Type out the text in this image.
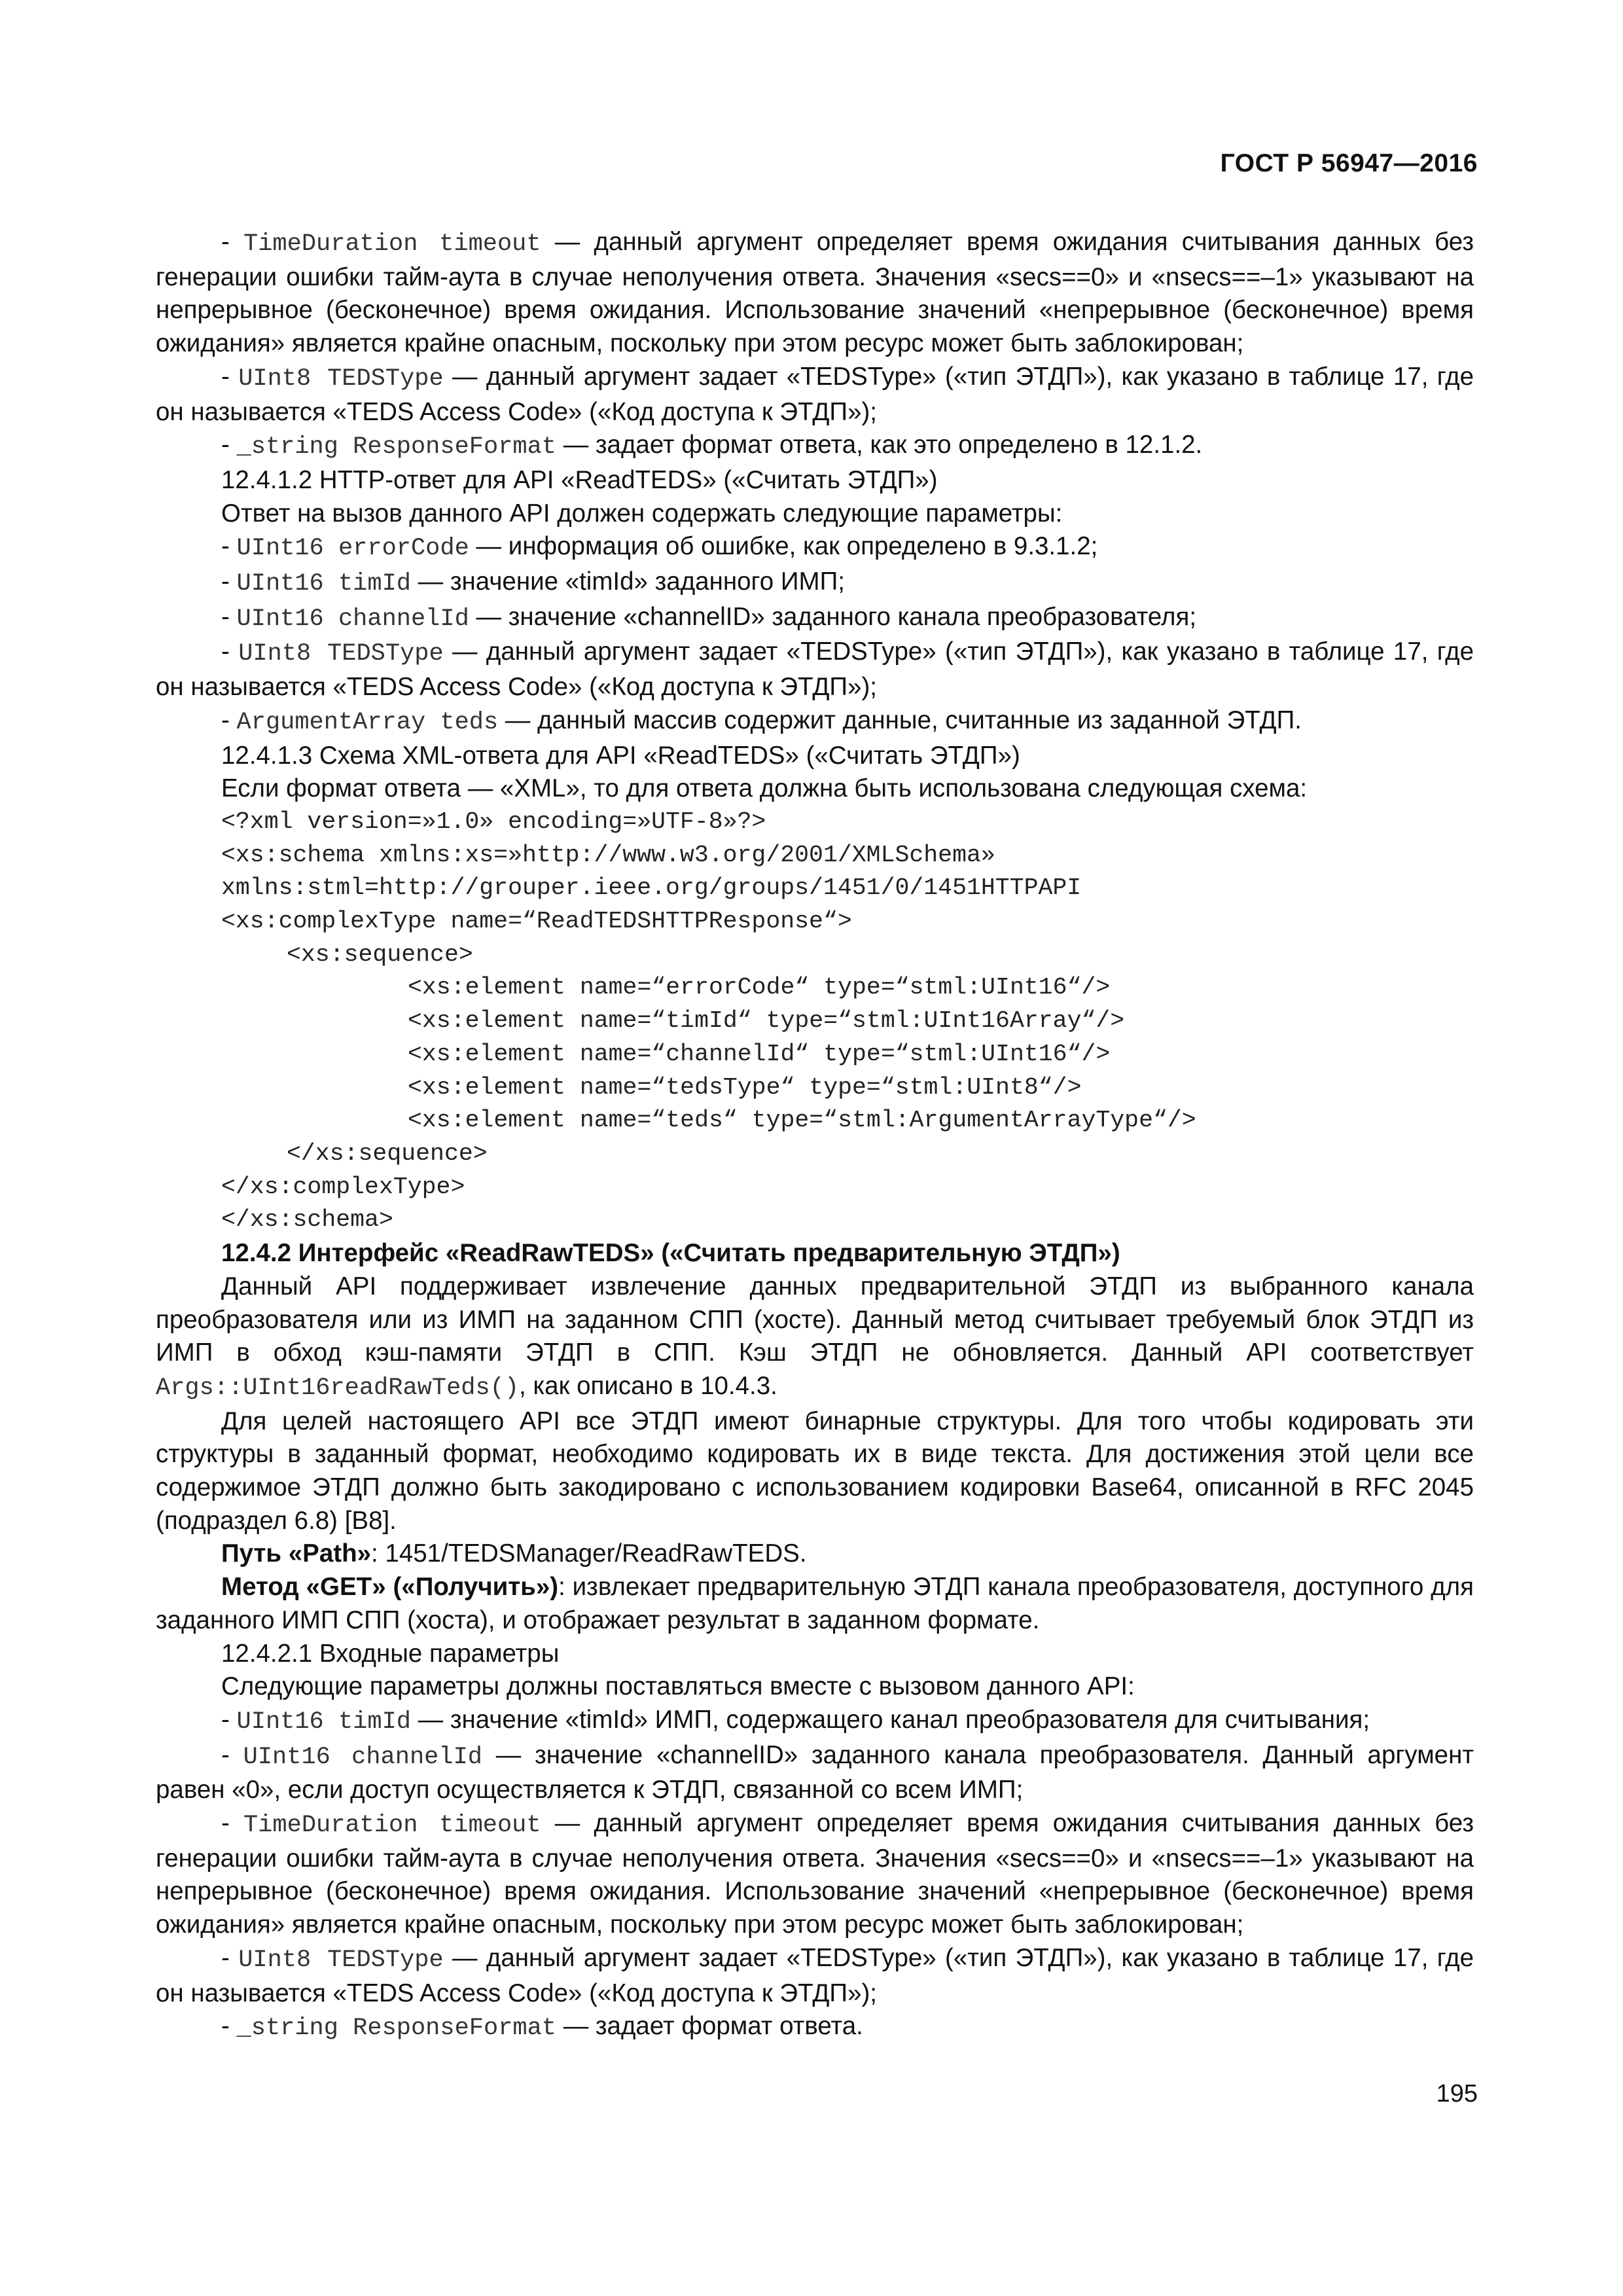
ГОСТ Р 56947—2016

- TimeDuration timeout — данный аргумент определяет время ожидания считывания данных без генерации ошибки тайм-аута в случае неполучения ответа. Значения «secs==0» и «nsecs==–1» указывают на непрерывное (бесконечное) время ожидания. Использование значений «непрерывное (бесконечное) время ожидания» является крайне опасным, поскольку при этом ресурс может быть заблокирован;

- UInt8 TEDSType — данный аргумент задает «TEDSType» («тип ЭТДП»), как указано в таблице 17, где он называется «TEDS Access Code» («Код доступа к ЭТДП»);

- _string ResponseFormat — задает формат ответа, как это определено в 12.1.2.

12.4.1.2 HTTP-ответ для API «ReadTEDS» («Считать ЭТДП»)

Ответ на вызов данного API должен содержать следующие параметры:

- UInt16 errorCode — информация об ошибке, как определено в 9.3.1.2;

- UInt16 timId — значение «timId» заданного ИМП;

- UInt16 channelId — значение «channelID» заданного канала преобразователя;

- UInt8 TEDSType — данный аргумент задает «TEDSType» («тип ЭТДП»), как указано в таблице 17, где он называется «TEDS Access Code» («Код доступа к ЭТДП»);

- ArgumentArray teds — данный массив содержит данные, считанные из заданной ЭТДП.

12.4.1.3 Схема XML-ответа для API «ReadTEDS» («Считать ЭТДП»)

Если формат ответа — «XML», то для ответа должна быть использована следующая схема:

<?xml version=»1.0» encoding=»UTF-8»?>

<xs:schema xmlns:xs=»http://www.w3.org/2001/XMLSchema»

xmlns:stml=http://grouper.ieee.org/groups/1451/0/1451HTTPAPI

<xs:complexType name=“ReadTEDSHTTPResponse“>

<xs:sequence>

<xs:element name=“errorCode“ type=“stml:UInt16“/>

<xs:element name=“timId“ type=“stml:UInt16Array“/>

<xs:element name=“channelId“ type=“stml:UInt16“/>

<xs:element name=“tedsType“ type=“stml:UInt8“/>

<xs:element name=“teds“ type=“stml:ArgumentArrayType“/>

</xs:sequence>

</xs:complexType>

</xs:schema>

12.4.2 Интерфейс «ReadRawTEDS» («Считать предварительную ЭТДП»)

Данный API поддерживает извлечение данных предварительной ЭТДП из выбранного канала преобразователя или из ИМП на заданном СПП (хосте). Данный метод считывает требуемый блок ЭТДП из ИМП в обход кэш-памяти ЭТДП в СПП. Кэш ЭТДП не обновляется. Данный API соответствует Args::UInt16readRawTeds(), как описано в 10.4.3.

Для целей настоящего API все ЭТДП имеют бинарные структуры. Для того чтобы кодировать эти структуры в заданный формат, необходимо кодировать их в виде текста. Для достижения этой цели все содержимое ЭТДП должно быть закодировано с использованием кодировки Base64, описанной в RFC 2045 (подраздел 6.8) [B8].

Путь «Path»: 1451/TEDSManager/ReadRawTEDS.

Метод «GET» («Получить»): извлекает предварительную ЭТДП канала преобразователя, доступного для заданного ИМП СПП (хоста), и отображает результат в заданном формате.

12.4.2.1 Входные параметры

Следующие параметры должны поставляться вместе с вызовом данного API:

- UInt16 timId — значение «timId» ИМП, содержащего канал преобразователя для считывания;

- UInt16 channelId — значение «channelID» заданного канала преобразователя. Данный аргумент равен «0», если доступ осуществляется к ЭТДП, связанной со всем ИМП;

- TimeDuration timeout — данный аргумент определяет время ожидания считывания данных без генерации ошибки тайм-аута в случае неполучения ответа. Значения «secs==0» и «nsecs==–1» указывают на непрерывное (бесконечное) время ожидания. Использование значений «непрерывное (бесконечное) время ожидания» является крайне опасным, поскольку при этом ресурс может быть заблокирован;

- UInt8 TEDSType — данный аргумент задает «TEDSType» («тип ЭТДП»), как указано в таблице 17, где он называется «TEDS Access Code» («Код доступа к ЭТДП»);

- _string ResponseFormat — задает формат ответа.

195
